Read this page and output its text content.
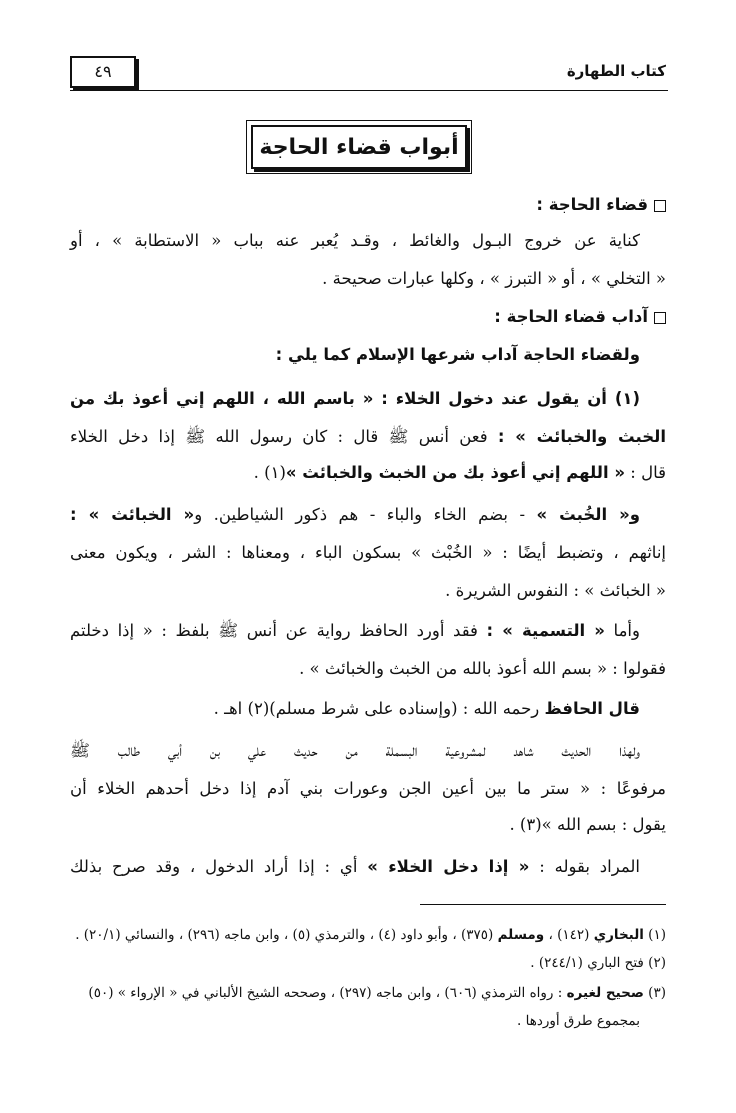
كتاب الطهارة
٤٩
أبواب قضاء الحاجة
قضاء الحاجة :
كناية عن خروج البـول والغائط ، وقـد يُعبر عنه بباب « الاستطابة » ، أو
« التخلي » ، أو « التبرز » ، وكلها عبارات صحيحة .
آداب قضاء الحاجة :
ولقضاء الحاجة آداب شرعها الإسلام كما يلي :
(١) أن يقول عند دخول الخلاء : « باسم الله ، اللهم إني أعوذ بك من
الخبث والخبائث » : فعن أنس ﷺ قال : كان رسول الله ﷺ إذا دخل الخلاء
قال : « اللهم إني أعوذ بك من الخبث والخبائث »(١) .
و« الخُبث » - بضم الخاء والباء - هم ذكور الشياطين. و« الخبائث » :
إناثهم ، وتضبط أيضًا : « الخُبْث » بسكون الباء ، ومعناها : الشر ، ويكون معنى
« الخبائث » : النفوس الشريرة .
وأما « التسمية » : فقد أورد الحافظ رواية عن أنس ﷺ بلفظ : « إذا دخلتم
فقولوا : « بسم الله أعوذ بالله من الخبث والخبائث » .
قال الحافظ رحمه الله : (وإسناده على شرط مسلم)(٢) اهـ .
ولهذا الحديث شاهد لمشروعية البسملة من حديث علي بن أبي طالب ﷺ
مرفوعًا : « ستر ما بين أعين الجن وعورات بني آدم إذا دخل أحدهم الخلاء أن
يقول : بسم الله »(٣) .
المراد بقوله : « إذا دخل الخلاء » أي : إذا أراد الدخول ، وقد صرح بذلك
(١) البخاري (١٤٢) ، ومسلم (٣٧٥) ، وأبو داود (٤) ، والترمذي (٥) ، وابن ماجه (٢٩٦) ، والنسائي (٢٠/١) .
(٢) فتح الباري (٢٤٤/١) .
(٣) صحيح لغيره : رواه الترمذي (٦٠٦) ، وابن ماجه (٢٩٧) ، وصححه الشيخ الألباني في « الإرواء » (٥٠)
بمجموع طرق أوردها .
